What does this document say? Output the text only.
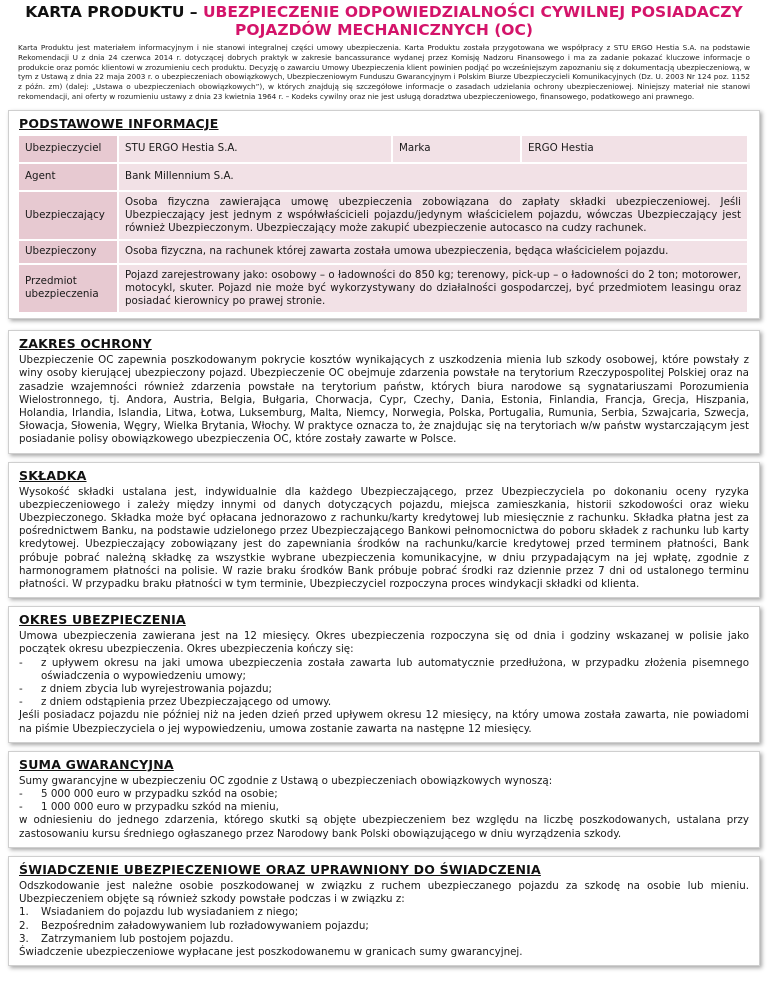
KARTA PRODUKTU – UBEZPIECZENIE ODPOWIEDZIALNOŚCI CYWILNEJ POSIADACZY POJAZDÓW MECHANICZNYCH (OC)
Karta Produktu jest materiałem informacyjnym i nie stanowi integralnej części umowy ubezpieczenia. Karta Produktu została przygotowana we współpracy z STU ERGO Hestia S.A. na podstawie Rekomendacji U z dnia 24 czerwca 2014 r. dotyczącej dobrych praktyk w zakresie bancassurance wydanej przez Komisję Nadzoru Finansowego i ma za zadanie pokazać kluczowe informacje o produkcie oraz pomóc klientowi w zrozumieniu cech produktu. Decyzję o zawarciu Umowy Ubezpieczenia klient powinien podjąć po wcześniejszym zapoznaniu się z dokumentacją ubezpieczeniową, w tym z Ustawą z dnia 22 maja 2003 r. o ubezpieczeniach obowiązkowych, Ubezpieczeniowym Funduszu Gwarancyjnym i Polskim Biurze Ubezpieczycieli Komunikacyjnych (Dz. U. 2003 Nr 124 poz. 1152 z późn. zm) (dalej: „Ustawa o ubezpieczeniach obowiązkowych”), w których znajdują się szczegółowe informacje o zasadach udzielania ochrony ubezpieczeniowej. Niniejszy materiał nie stanowi rekomendacji, ani oferty w rozumieniu ustawy z dnia 23 kwietnia 1964 r. – Kodeks cywilny oraz nie jest usługą doradztwa ubezpieczeniowego, finansowego, podatkowego ani prawnego.
PODSTAWOWE INFORMACJE
Ubezpieczyciel	STU ERGO Hestia S.A.	Marka	ERGO Hestia
Agent	Bank Millennium S.A.		
Ubezpieczający	Osoba fizyczna zawierająca umowę ubezpieczenia zobowiązana do zapłaty składki ubezpieczeniowej. Jeśli Ubezpieczający jest jednym z współwłaścicieli pojazdu/jedynym właścicielem pojazdu, wówczas Ubezpieczający jest również Ubezpieczonym. Ubezpieczający może zakupić ubezpieczenie autocasco na cudzy rachunek.		
Ubezpieczony	Osoba fizyczna, na rachunek której zawarta została umowa ubezpieczenia, będąca właścicielem pojazdu.		
Przedmiot ubezpieczenia	Pojazd zarejestrowany jako: osobowy – o ładowności do 850 kg; terenowy, pick-up – o ładowności do 2 ton; motorower, motocykl, skuter. Pojazd nie może być wykorzystywany do działalności gospodarczej, być przedmiotem leasingu oraz posiadać kierownicy po prawej stronie.		
ZAKRES OCHRONY
Ubezpieczenie OC zapewnia poszkodowanym pokrycie kosztów wynikających z uszkodzenia mienia lub szkody osobowej, które powstały z winy osoby kierującej ubezpieczony pojazd. Ubezpieczenie OC obejmuje zdarzenia powstałe na terytorium Rzeczypospolitej Polskiej oraz na zasadzie wzajemności również zdarzenia powstałe na terytorium państw, których biura narodowe są sygnatariuszami Porozumienia Wielostronnego, tj. Andora, Austria, Belgia, Bułgaria, Chorwacja, Cypr, Czechy, Dania, Estonia, Finlandia, Francja, Grecja, Hiszpania, Holandia, Irlandia, Islandia, Litwa, Łotwa, Luksemburg, Malta, Niemcy, Norwegia, Polska, Portugalia, Rumunia, Serbia, Szwajcaria, Szwecja, Słowacja, Słowenia, Węgry, Wielka Brytania, Włochy. W praktyce oznacza to, że znajdując się na terytoriach w/w państw wystarczającym jest posiadanie polisy obowiązkowego ubezpieczenia OC, które zostały zawarte w Polsce.
SKŁADKA
Wysokość składki ustalana jest, indywidualnie dla każdego Ubezpieczającego, przez Ubezpieczyciela po dokonaniu oceny ryzyka ubezpieczeniowego i zależy między innymi od danych dotyczących pojazdu, miejsca zamieszkania, historii szkodowości oraz wieku Ubezpieczonego. Składka może być opłacana jednorazowo z rachunku/karty kredytowej lub miesięcznie z rachunku. Składka płatna jest za pośrednictwem Banku, na podstawie udzielonego przez Ubezpieczającego Bankowi pełnomocnictwa do poboru składek z rachunku lub karty kredytowej. Ubezpieczający zobowiązany jest do zapewniania środków na rachunku/karcie kredytowej przed terminem płatności, Bank próbuje pobrać należną składkę za wszystkie wybrane ubezpieczenia komunikacyjne, w dniu przypadającym na jej wpłatę, zgodnie z harmonogramem płatności na polisie. W razie braku środków Bank próbuje pobrać środki raz dziennie przez 7 dni od ustalonego terminu płatności. W przypadku braku płatności w tym terminie, Ubezpieczyciel rozpoczyna proces windykacji składki od klienta.
OKRES UBEZPIECZENIA
Umowa ubezpieczenia zawierana jest na 12 miesięcy. Okres ubezpieczenia rozpoczyna się od dnia i godziny wskazanej w polisie jako początek okresu ubezpieczenia. Okres ubezpieczenia kończy się:
-	z upływem okresu na jaki umowa ubezpieczenia została zawarta lub automatycznie przedłużona, w przypadku złożenia pisemnego oświadczenia o wypowiedzeniu umowy;
-	z dniem zbycia lub wyrejestrowania pojazdu;
-	z dniem odstąpienia przez Ubezpieczającego od umowy.
Jeśli posiadacz pojazdu nie później niż na jeden dzień przed upływem okresu 12 miesięcy, na który umowa została zawarta, nie powiadomi na piśmie Ubezpieczyciela o jej wypowiedzeniu, umowa zostanie zawarta na następne 12 miesięcy.
SUMA GWARANCYJNA
Sumy gwarancyjne w ubezpieczeniu OC zgodnie z Ustawą o ubezpieczeniach obowiązkowych wynoszą:
-	5 000 000 euro w przypadku szkód na osobie;
-	1 000 000 euro w przypadku szkód na mieniu,
w odniesieniu do jednego zdarzenia, którego skutki są objęte ubezpieczeniem bez względu na liczbę poszkodowanych, ustalana przy zastosowaniu kursu średniego ogłaszanego przez Narodowy bank Polski obowiązującego w dniu wyrządzenia szkody.
ŚWIADCZENIE UBEZPIECZENIOWE ORAZ UPRAWNIONY DO ŚWIADCZENIA
Odszkodowanie jest należne osobie poszkodowanej w związku z ruchem ubezpieczanego pojazdu za szkodę na osobie lub mieniu. Ubezpieczeniem objęte są również szkody powstałe podczas i w związku z:
1.	Wsiadaniem do pojazdu lub wysiadaniem z niego;
2.	Bezpośrednim załadowywaniem lub rozładowywaniem pojazdu;
3.	Zatrzymaniem lub postojem pojazdu.
Świadczenie ubezpieczeniowe wypłacane jest poszkodowanemu w granicach sumy gwarancyjnej.
